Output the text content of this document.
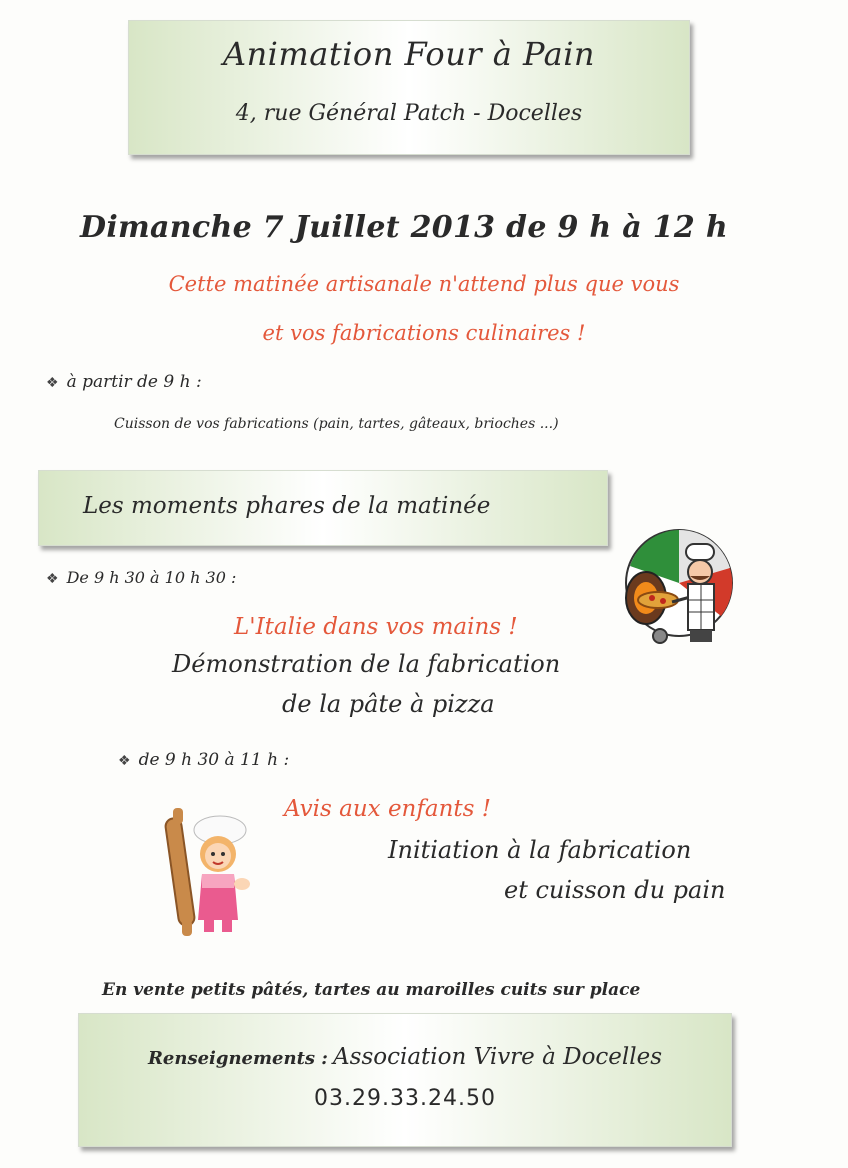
Animation Four à Pain
4, rue Général Patch - Docelles
Dimanche 7 Juillet 2013 de 9 h à 12 h
Cette matinée artisanale n'attend plus que vous
et vos fabrications culinaires !
❖ à partir de 9 h :
Cuisson de vos fabrications (pain, tartes, gâteaux, brioches ...)
Les moments phares de la matinée
❖ De 9 h 30 à 10 h 30 :
L'Italie dans vos mains !
Démonstration de la fabrication
de la pâte à pizza
❖ de 9 h 30 à 11 h :
Avis aux enfants !
Initiation à la fabrication
et cuisson du pain
En vente petits pâtés, tartes au maroilles cuits sur place
Renseignements : Association Vivre à Docelles
03.29.33.24.50
